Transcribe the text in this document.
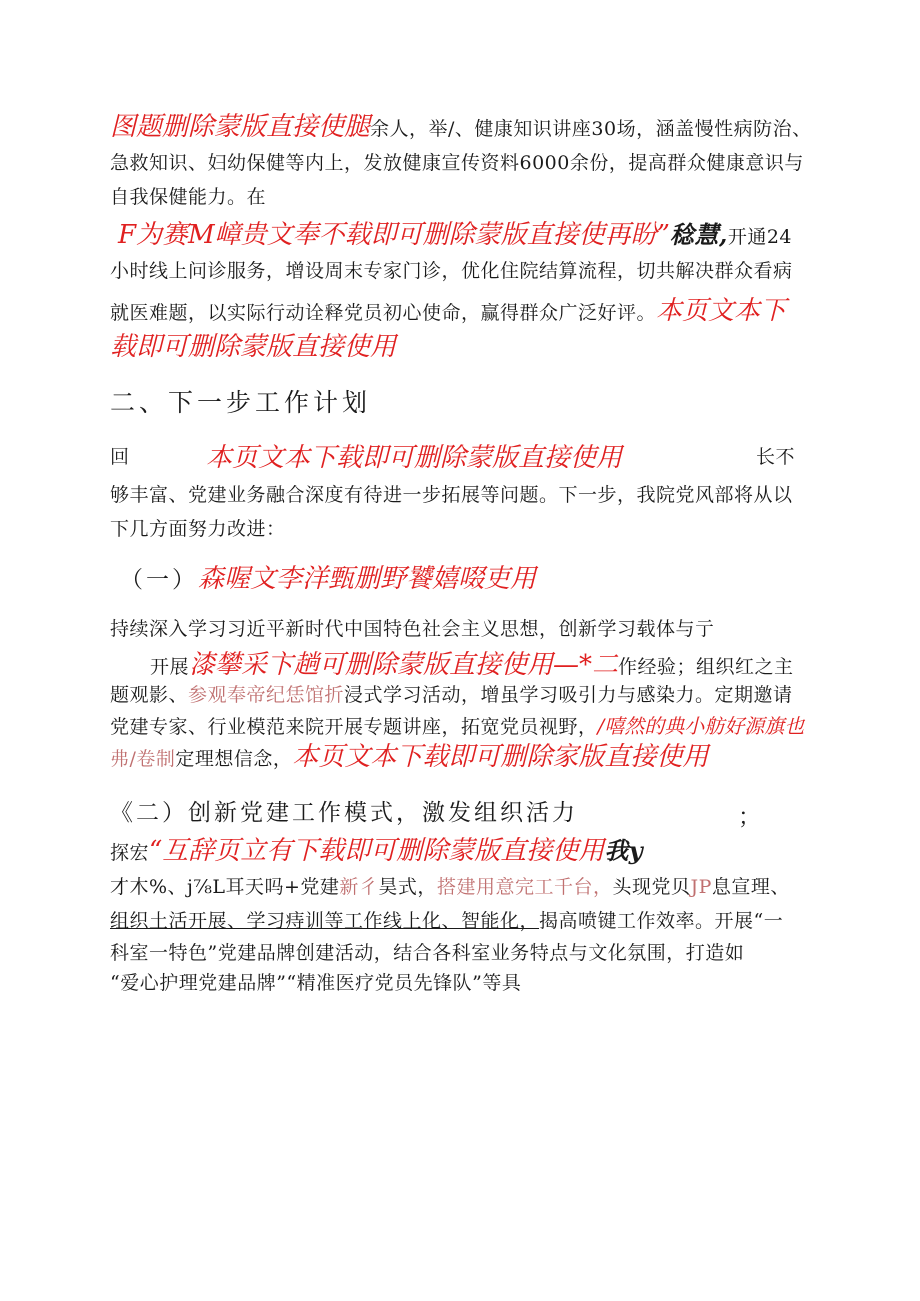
图题删除蒙版直接使腿余人，举/、健康知识讲座30场，涵盖慢性病防治、
急救知识、妇幼保健等内上，发放健康宣传资料6000余份，提高群众健康意识与
自我保健能力。在
F为赛M嶂贵文奉不载即可删除蒙版直接使再盼”稔慧,开通24
小时线上问诊服务，增设周末专家门诊，优化住院结算流程，切共解决群众看病
就医难题，以实际行动诠释党员初心使命，赢得群众广泛好评。本页文本下
载即可删除蒙版直接使用
二、下一步工作计划
回	本页文本下载即可删除蒙版直接使用	长不
够丰富、党建业务融合深度有待进一步拓展等问题。下一步，我院党风部将从以
下几方面努力改进：
（一）森喔文李洋甄删野饕嬉啜吏用
持续深入学习习近平新时代中国特色社会主义思想，创新学习载体与亍
开展漆攀采卞趟可删除蒙版直接使用—*二作经验；组织红之主
题观影、参观奉帝纪恁馆折浸式学习活动，增虽学习吸引力与感染力。定期邀请
党建专家、行业模范来院开展专题讲座，拓宽党员视野，/嘻然的典小舫好源旗也
弗/卷制定理想信念，本页文本下载即可删除家版直接使用
《二）创新党建工作模式，激发组织活力	；
探宏“互辞页立有下载即可删除蒙版直接使用我y
才木%、j⅞L耳天吗+党建新彳昊式，搭建用意完工千台，头现党贝JP息宣理、
组织土活开展、学习痔训等工作线上化、智能化，揭高喷键工作效率。开展“一
科室一特色”党建品牌创建活动，结合各科室业务特点与文化氛围，打造如
“爱心护理党建品牌”“精准医疗党员先锋队”等具
